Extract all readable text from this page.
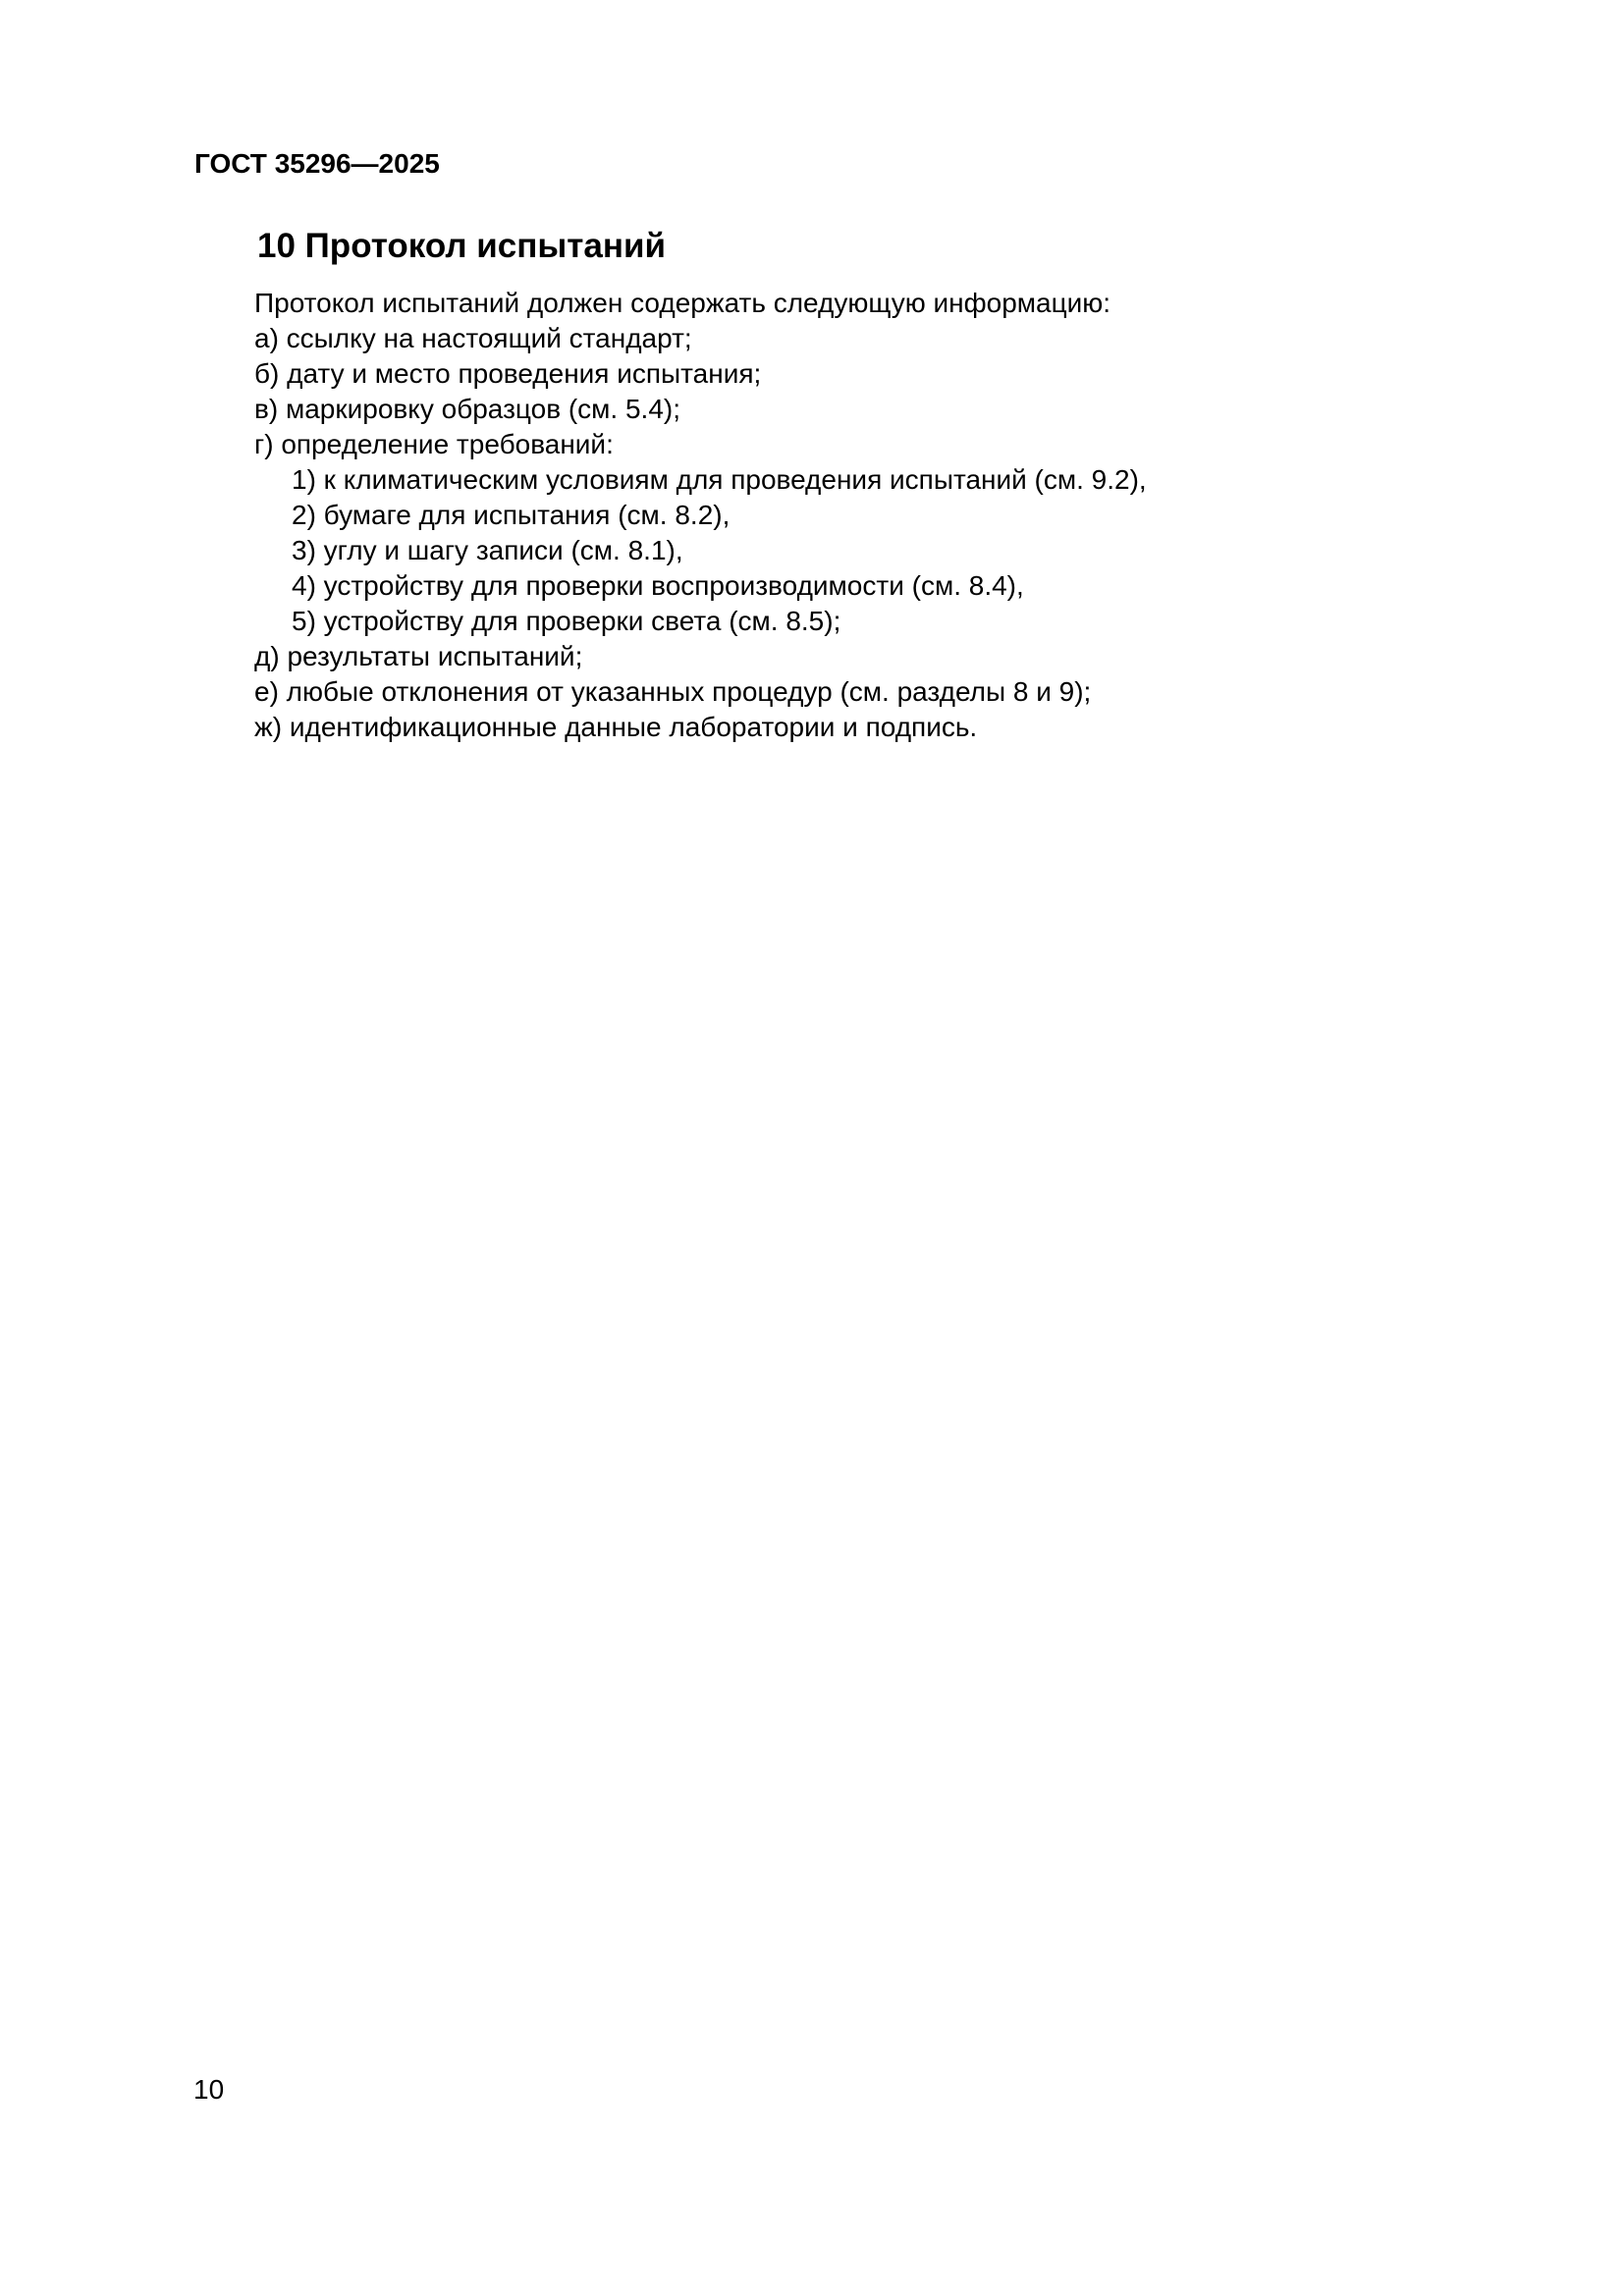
ГОСТ 35296—2025
10 Протокол испытаний
Протокол испытаний должен содержать следующую информацию:
а) ссылку на настоящий стандарт;
б) дату и место проведения испытания;
в) маркировку образцов (см. 5.4);
г) определение требований:
1) к климатическим условиям для проведения испытаний (см. 9.2),
2) бумаге для испытания (см. 8.2),
3) углу и шагу записи (см. 8.1),
4) устройству для проверки воспроизводимости (см. 8.4),
5) устройству для проверки света (см. 8.5);
д) результаты испытаний;
е) любые отклонения от указанных процедур (см. разделы 8 и 9);
ж) идентификационные данные лаборатории и подпись.
10
